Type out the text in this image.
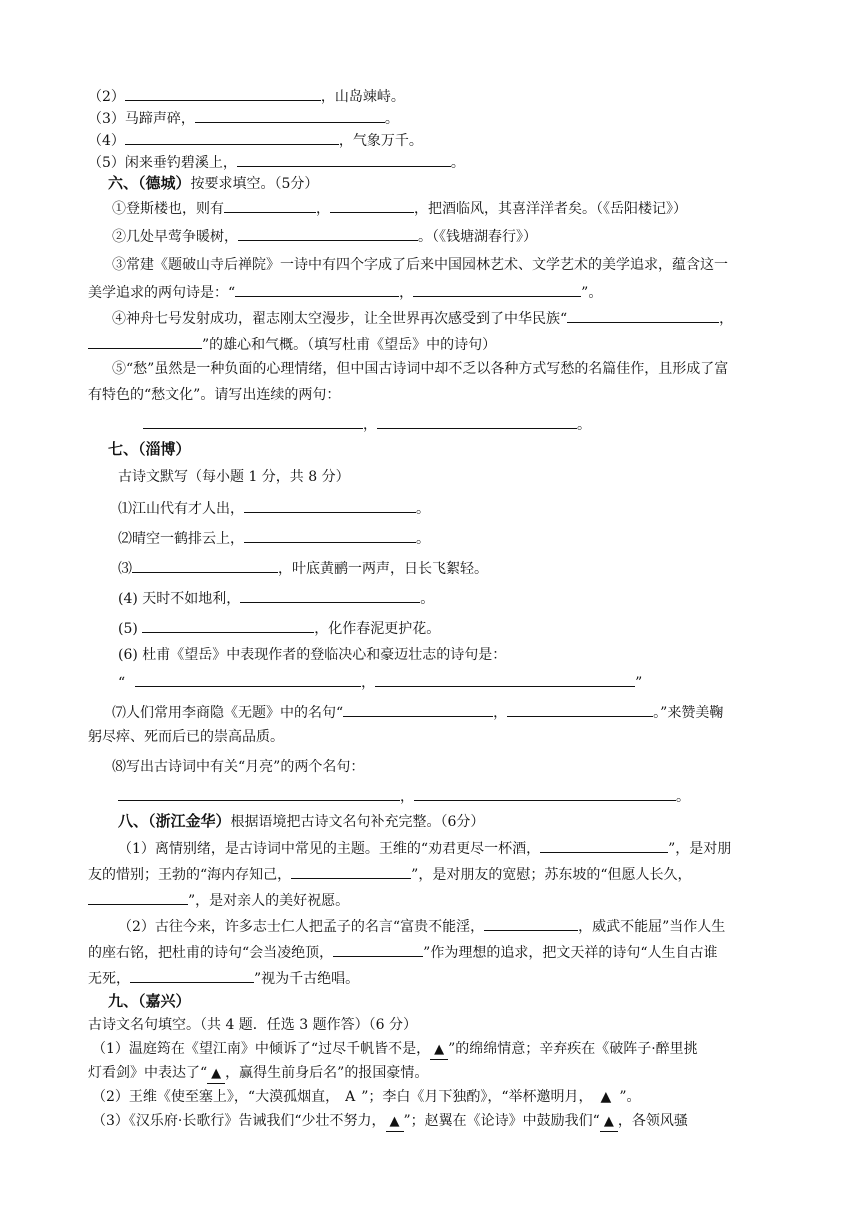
（2）	，山岛竦峙。
（3）马蹄声碎，	。
（4）	，气象万千。
（5）闲来垂钓碧溪上，	。
六、（德城）按要求填空。（5分）
①登斯楼也，则有	，	，把酒临风，其喜洋洋者矣。（《岳阳楼记》）
②几处早莺争暖树，	。（《钱塘湖春行》）
③常建《题破山寺后禅院》一诗中有四个字成了后来中国园林艺术、文学艺术的美学追求，蕴含这一
美学追求的两句诗是：“	，	”。
④神舟七号发射成功，翟志刚太空漫步，让全世界再次感受到了中华民族“	，
”的雄心和气概。（填写杜甫《望岳》中的诗句）
⑤“愁”虽然是一种负面的心理情绪，但中国古诗词中却不乏以各种方式写愁的名篇佳作，且形成了富
有特色的“愁文化”。请写出连续的两句：
，	。
七、（淄博）
古诗文默写（每小题 1 分，共 8 分）
⑴江山代有才人出，	。
⑵晴空一鹤排云上，	。
⑶	，叶底黄鹂一两声，日长飞絮轻。
(4) 天时不如地利，	。
(5)	，化作春泥更护花。
(6) 杜甫《望岳》中表现作者的登临决心和豪迈壮志的诗句是：
“	，	”
⑺人们常用李商隐《无题》中的名句“	，	。”来赞美鞠
躬尽瘁、死而后已的崇高品质。
⑻写出古诗词中有关“月亮”的两个名句：
，	。
八、（浙江金华）根据语境把古诗文名句补充完整。（6分）
（1）离情别绪，是古诗词中常见的主题。王维的“劝君更尽一杯酒，	”，是对朋
友的惜别；王勃的“海内存知己，	”，是对朋友的宽慰；苏东坡的“但愿人长久，
”，是对亲人的美好祝愿。
（2）古往今来，许多志士仁人把孟子的名言“富贵不能淫，	，威武不能屈”当作人生
的座右铭，把杜甫的诗句“会当凌绝顶，	”作为理想的追求，把文天祥的诗句“人生自古谁
无死，	”视为千古绝唱。
九、（嘉兴）
古诗文名句填空。（共 4 题．任选 3 题作答）（6 分）
（1）温庭筠在《望江南》中倾诉了“过尽千帆皆不是， ▲ ”的绵绵情意；辛弃疾在《破阵子·醉里挑
灯看剑》中表达了“ ▲ ，赢得生前身后名”的报国豪情。
（2）王维《使至塞上》，“大漠孤烟直， A ”；李白《月下独酌》，“举杯邀明月， ▲ ”。
（3）《汉乐府·长歌行》告诫我们“少壮不努力， ▲ ”；赵翼在《论诗》中鼓励我们“ ▲ ，各领风骚
